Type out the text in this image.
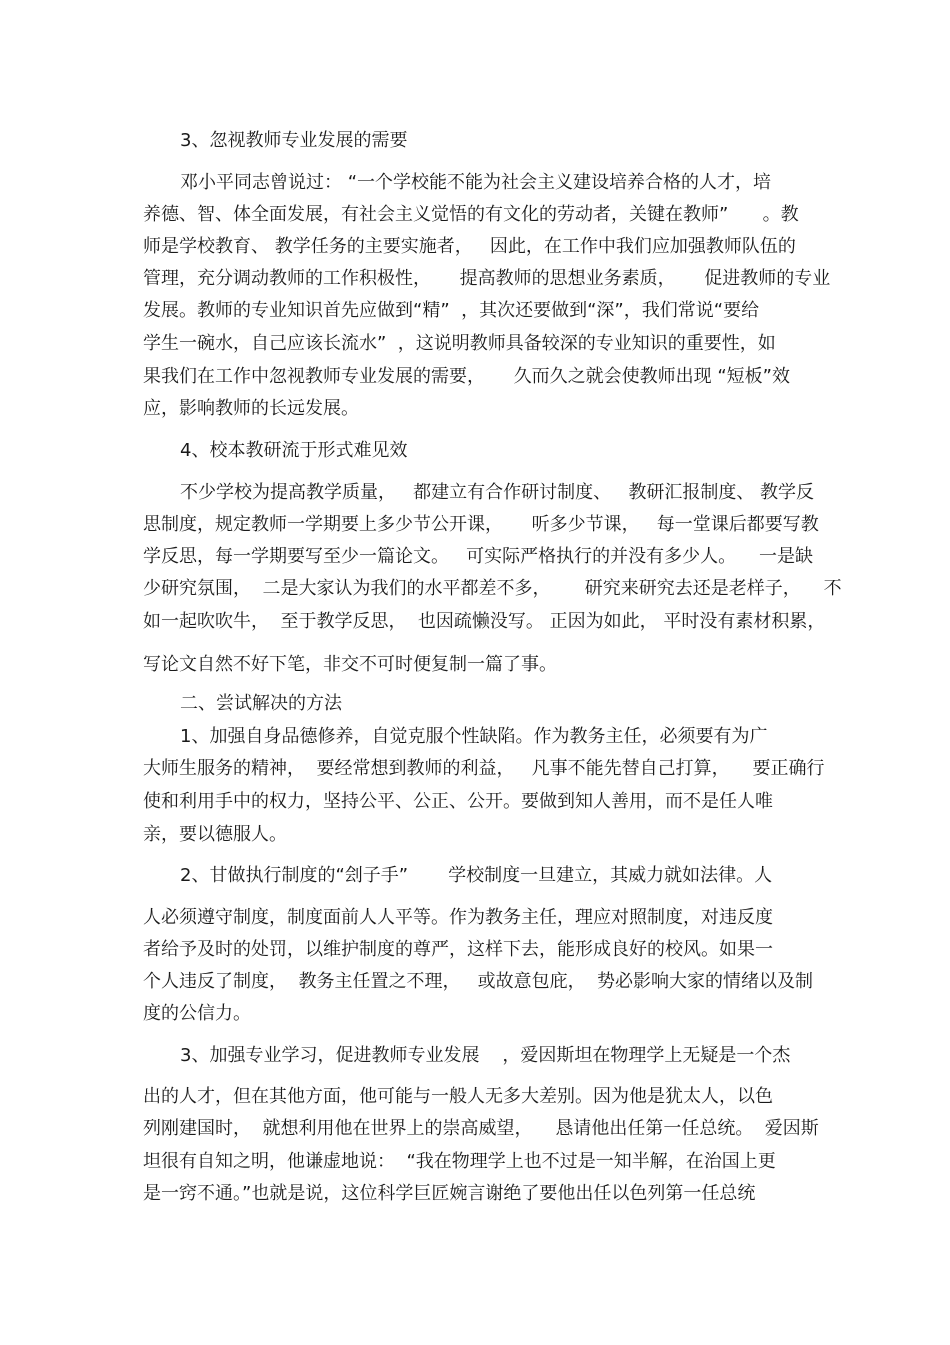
3、忽视教师专业发展的需要
邓小平同志曾说过： “一个学校能不能为社会主义建设培养合格的人才，培
养德、智、体全面发展，有社会主义觉悟的有文化的劳动者，关键在教师”      。教
师是学校教育、 教学任务的主要实施者，   因此，在工作中我们应加强教师队伍的
管理，充分调动教师的工作积极性，     提高教师的思想业务素质，     促进教师的专业
发展。教师的专业知识首先应做到“精”  ，其次还要做到“深”，我们常说“要给
学生一碗水，自己应该长流水”  ，这说明教师具备较深的专业知识的重要性，如
果我们在工作中忽视教师专业发展的需要，     久而久之就会使教师出现 “短板”效
应，影响教师的长远发展。
4、校本教研流于形式难见效
不少学校为提高教学质量，   都建立有合作研讨制度、   教研汇报制度、 教学反
思制度，规定教师一学期要上多少节公开课，     听多少节课，   每一堂课后都要写教
学反思，每一学期要写至少一篇论文。   可实际严格执行的并没有多少人。    一是缺
少研究氛围，  二是大家认为我们的水平都差不多，      研究来研究去还是老样子，    不
如一起吹吹牛，  至于教学反思，  也因疏懒没写。 正因为如此， 平时没有素材积累，
写论文自然不好下笔，非交不可时便复制一篇了事。
二、尝试解决的方法
1、加强自身品德修养，自觉克服个性缺陷。作为教务主任，必须要有为广
大师生服务的精神，  要经常想到教师的利益，   凡事不能先替自己打算，    要正确行
使和利用手中的权力，坚持公平、公正、公开。要做到知人善用，而不是任人唯
亲，要以德服人。
2、甘做执行制度的“刽子手”       学校制度一旦建立，其威力就如法律。人
人必须遵守制度，制度面前人人平等。作为教务主任，理应对照制度，对违反度
者给予及时的处罚，以维护制度的尊严，这样下去，能形成良好的校风。如果一
个人违反了制度，  教务主任置之不理，   或故意包庇，  势必影响大家的情绪以及制
度的公信力。
3、加强专业学习，促进教师专业发展    ，爱因斯坦在物理学上无疑是一个杰
出的人才，但在其他方面，他可能与一般人无多大差别。因为他是犹太人，以色
列刚建国时，  就想利用他在世界上的崇高威望，    恳请他出任第一任总统。  爱因斯
坦很有自知之明，他谦虚地说：  “我在物理学上也不过是一知半解，在治国上更
是一窍不通。”也就是说，这位科学巨匠婉言谢绝了要他出任以色列第一任总统
